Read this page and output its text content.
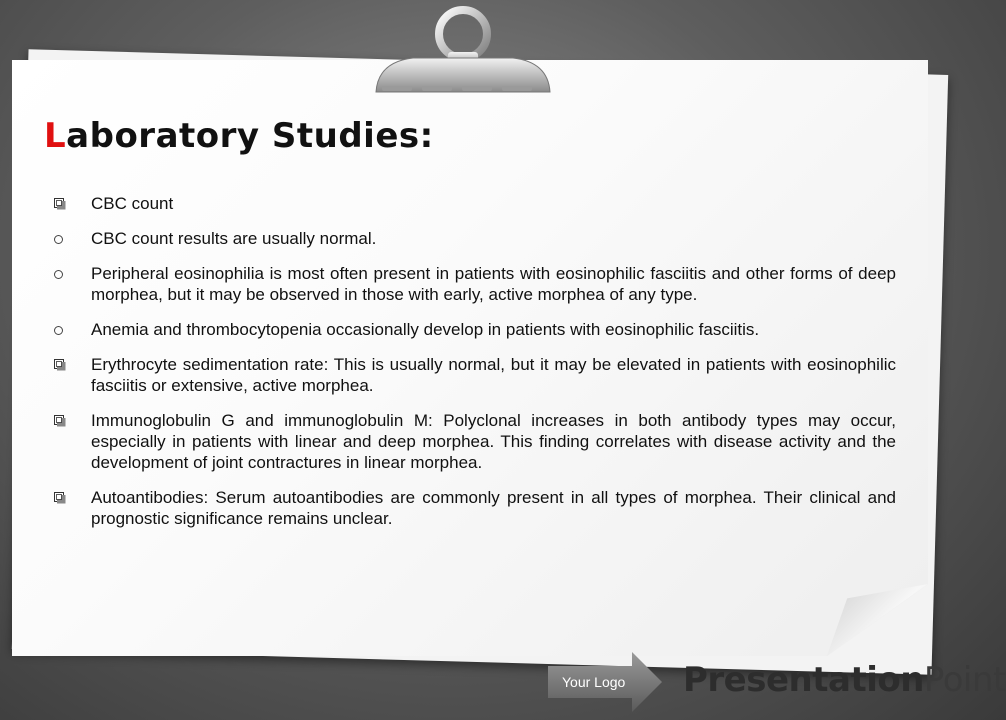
Laboratory Studies:
CBC count
CBC count results are usually normal.
Peripheral eosinophilia is most often present in patients with eosinophilic fasciitis and other forms of deep morphea, but it may be observed in those with early, active morphea of any type.
Anemia and thrombocytopenia occasionally develop in patients with eosinophilic fasciitis.
Erythrocyte sedimentation rate: This is usually normal, but it may be elevated in patients with eosinophilic fasciitis or extensive, active morphea.
Immunoglobulin G and immunoglobulin M: Polyclonal increases in both antibody types may occur, especially in patients with linear and deep morphea. This finding correlates with disease activity and the development of joint contractures in linear morphea.
Autoantibodies: Serum autoantibodies are commonly present in all types of morphea. Their clinical and prognostic significance remains unclear.
Your Logo PresentationPoint
